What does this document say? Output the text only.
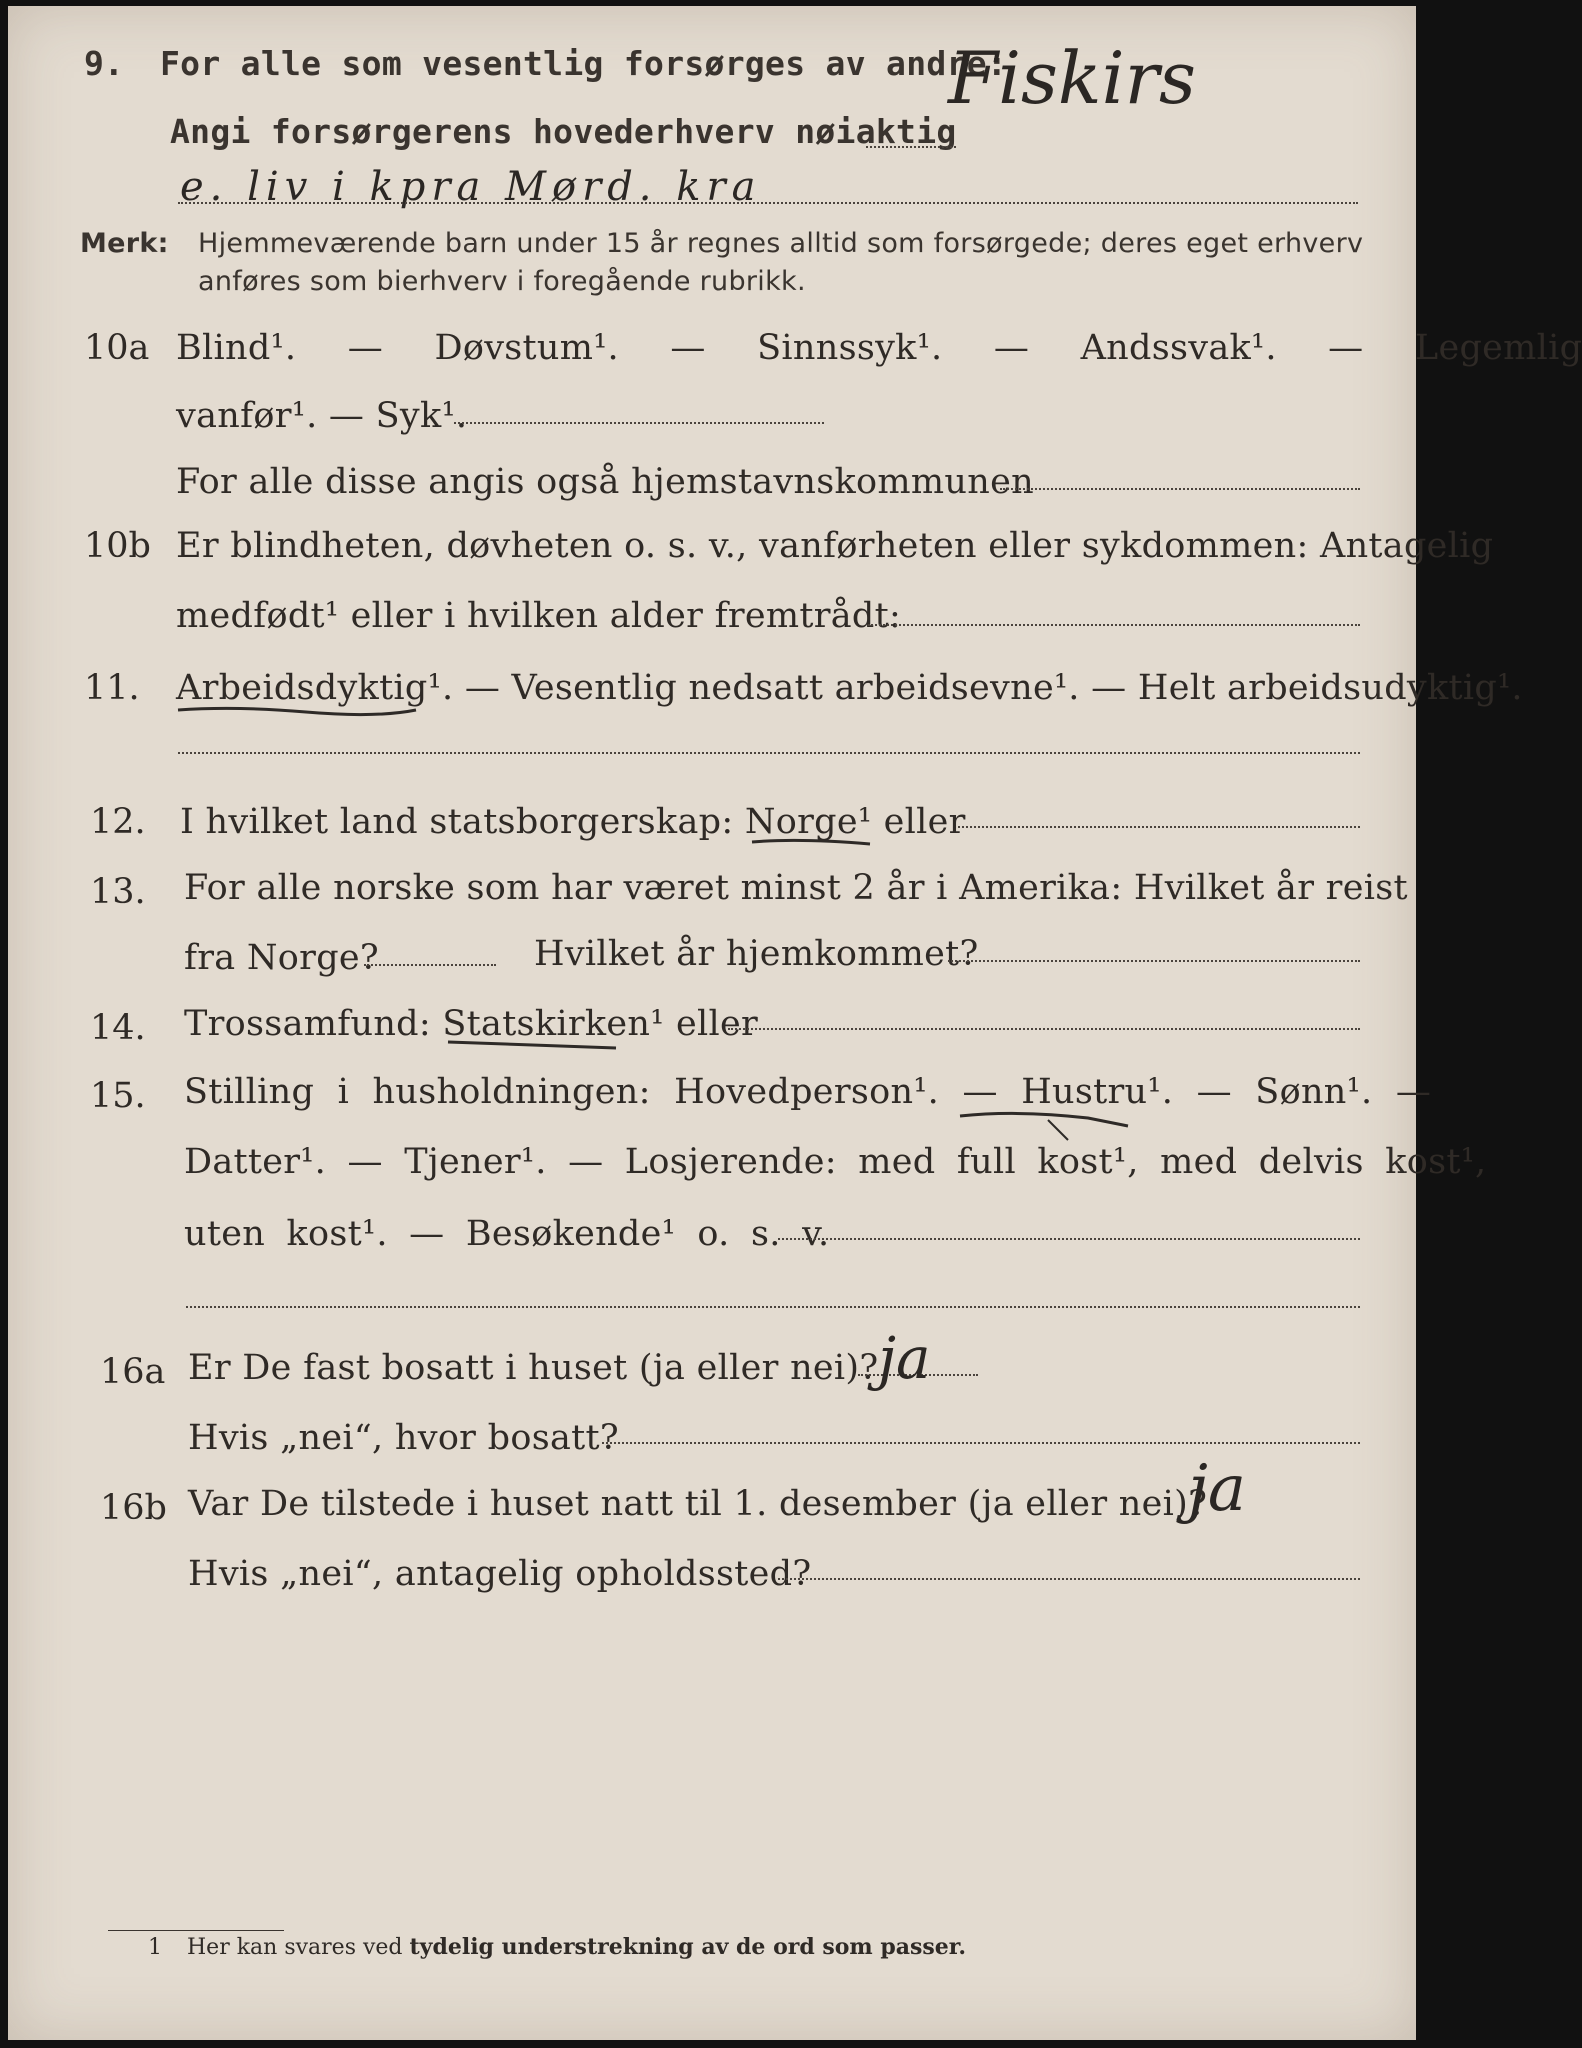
9. For alle som vesentlig forsørges av andre:
Angi forsørgerens hovederhverv nøiaktig
Fiskirs
e. liv i kpra Mørd. kra
Merk: Hjemmeværende barn under 15 år regnes alltid som forsørgede; deres eget erhverv
anføres som bierhverv i foregående rubrikk.
10a Blind¹. — Døvstum¹. — Sinnssyk¹. — Andssvak¹. — Legemlig
vanfør¹. — Syk¹.
For alle disse angis også hjemstavnskommunen
10b Er blindheten, døvheten o. s. v., vanførheten eller sykdommen: Antagelig
medfødt¹ eller i hvilken alder fremtrådt:
11. Arbeidsdyktig¹. — Vesentlig nedsatt arbeidsevne¹. — Helt arbeidsudyktig¹.
12. I hvilket land statsborgerskap: Norge¹ eller
13. For alle norske som har været minst 2 år i Amerika: Hvilket år reist
fra Norge?	Hvilket år hjemkommet?
14. Trossamfund: Statskirken¹ eller
15. Stilling i husholdningen: Hovedperson¹. — Hustru¹. — Sønn¹. —
Datter¹. — Tjener¹. — Losjerende: med full kost¹, med delvis kost¹,
uten kost¹. — Besøkende¹ o. s. v.
16a Er De fast bosatt i huset (ja eller nei)? ja
Hvis „nei“, hvor bosatt?
16b Var De tilstede i huset natt til 1. desember (ja eller nei)?
ja
Hvis „nei“, antagelig opholdssted?
1 Her kan svares ved tydelig understrekning av de ord som passer.
